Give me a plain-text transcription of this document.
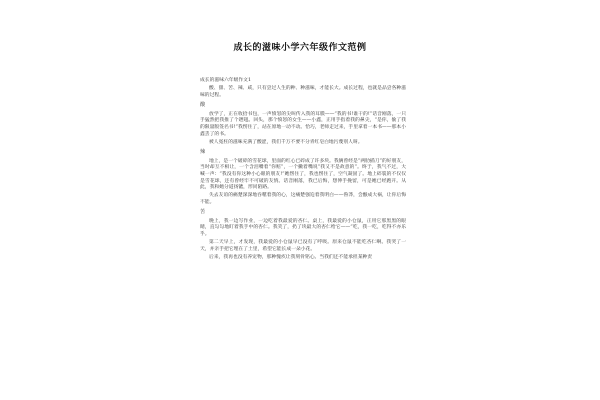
成长的滋味小学六年级作文范例

成长的滋味六年级作文1

酸、甜、苦、辣、咸，只有尝过人生的种、种滋味，才能长大。成长过程，也就是品尝各种滋味的过程。

酸

放学了，正在收拾书包，一声愤怒的尖叫传入我的耳膜——“我的书!谁干的!”话音刚落，一只手猛然把我推了个趔趄。回头，那个愤怒的女生——小鑫，正用手指着我的鼻尖，“是你，偷了我的限量版签名书!”我愣住了，站在原地一动不动。恰巧，老师走过来，手里拿着一本书——那本小鑫丢了的书。

被人冤枉的滋味充满了酸涩，我们千万不要不分青红皂白地污蔑别人呀。

辣

地上，是一个破碎的雪花球，里面的红心已碎成了许多块。我俩曾经是“两肋插刀”的好朋友，当时却互不相让，一个含泪嘴着“你赔”，一个撇着嘴说“我又不是故意的”。终于，我气不过，大喊一声：“我没有你这种小心眼的朋友!”她愣住了，我也愣住了，空气凝固了。地上碎裂的不仅仅是雪花球，还有曾经牢不可破的友情。话音刚落，我已后悔，想伸手挽留，可是她已经跑开。从此，我和她分道扬镳，形同陌路。

失去友谊的痛楚深深地吞噬着我的心，这痛楚强迫着我明白——鲁莽，会酿成大祸，让你后悔不能。

苦

晚上，我一边写作业，一边吃着我最爱的杏仁。桌上，我最爱的小仓鼠，正用它那黑黑的眼睛，直勾勾地盯着我手中的杏仁。我笑了，扔了块最大的杏仁给它——“吃，我一吃，吃得不亦乐乎。

第二天早上，才发现，我最爱的小仓鼠早已没有了呼吸。原来仓鼠不能吃杏仁啊。我哭了一天，并亲手把它埋在了土里，希望它能长成一朵小花。

后来，我再也没有养宠物，那种愧疚让我刻骨铭心。当我们还不能承担某种责
